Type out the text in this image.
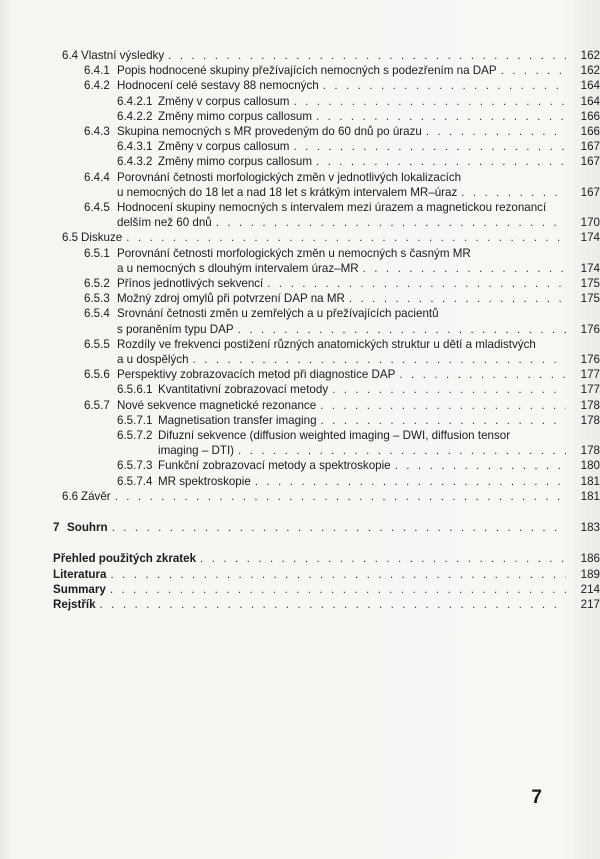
6.4 Vlastní výsledky . . .	162
6.4.1 Popis hodnocené skupiny přežívajících nemocných s podezřením na DAP . . .	162
6.4.2 Hodnocení celé sestavy 88 nemocných . . .	164
6.4.2.1 Změny v corpus callosum . . .	164
6.4.2.2 Změny mimo corpus callosum . . .	166
6.4.3 Skupina nemocných s MR provedeným do 60 dnů po úrazu . . .	166
6.4.3.1 Změny v corpus callosum . . .	167
6.4.3.2 Změny mimo corpus callosum . . .	167
6.4.4 Porovnání četnosti morfologických změn v jednotlivých lokalizacích
u nemocných do 18 let a nad 18 let s krátkým intervalem MR–úraz . . .	167
6.4.5 Hodnocení skupiny nemocných s intervalem mezi úrazem a magnetickou rezonancí
delším než 60 dnů . . .	170
6.5 Diskuze . . .	174
6.5.1 Porovnání četnosti morfologických změn u nemocných s časným MR
a u nemocných s dlouhým intervalem úraz–MR . . .	174
6.5.2 Přínos jednotlivých sekvencí . . .	175
6.5.3 Možný zdroj omylů při potvrzení DAP na MR . . .	175
6.5.4 Srovnání četnosti změn u zemřelých a u přežívajících pacientů
s poraněním typu DAP . . .	176
6.5.5 Rozdíly ve frekvenci postižení různých anatomických struktur u dětí a mladistvých
a u dospělých . . .	176
6.5.6 Perspektivy zobrazovacích metod při diagnostice DAP . . .	177
6.5.6.1 Kvantitativní zobrazovací metody . . .	177
6.5.7 Nové sekvence magnetické rezonance . . .	178
6.5.7.1 Magnetisation transfer imaging . . .	178
6.5.7.2 Difuzní sekvence (diffusion weighted imaging – DWI, diffusion tensor
imaging – DTI) . . .	178
6.5.7.3 Funkční zobrazovací metody a spektroskopie . . .	180
6.5.7.4 MR spektroskopie . . .	181
6.6 Závěr . . .	181
7 Souhrn . . .	183
Přehled použitých zkratek . . .	186
Literatura . . .	189
Summary . . .	214
Rejstřík . . .	217
7
